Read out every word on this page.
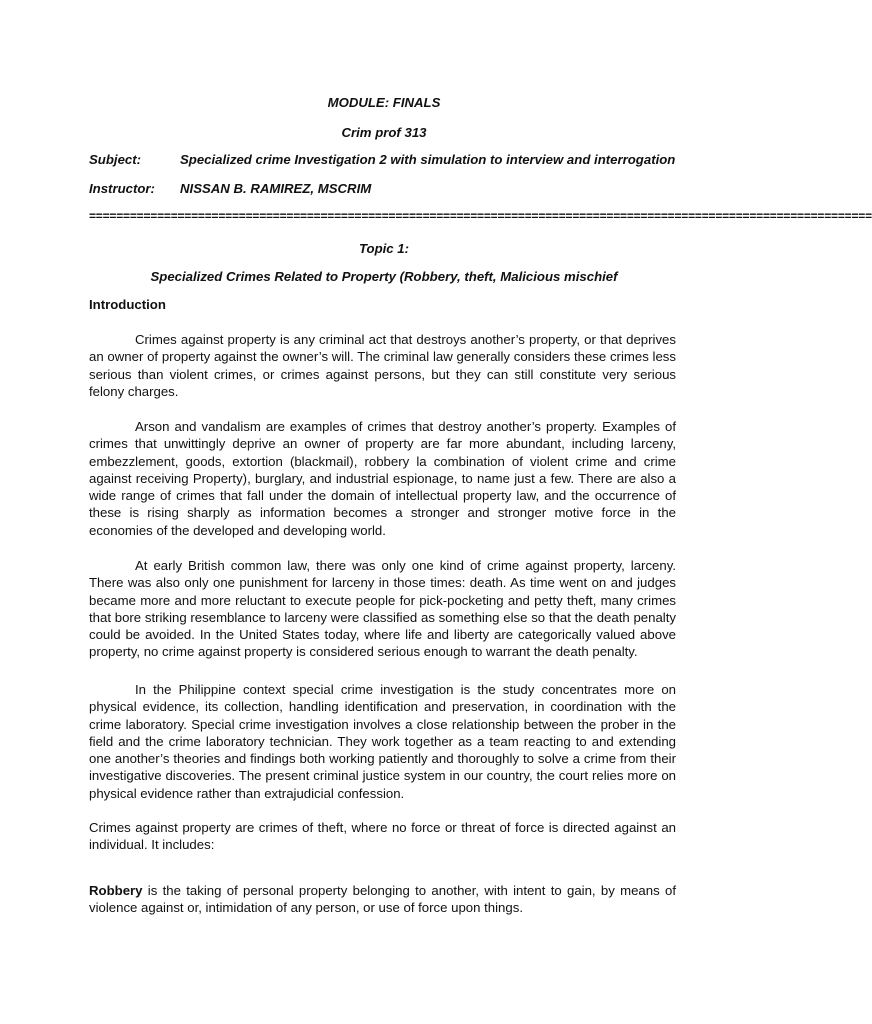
MODULE: FINALS
Crim prof 313
Subject:	Specialized crime Investigation 2 with simulation to interview and interrogation
Instructor: NISSAN B. RAMIREZ, MSCRIM
===================================================================================================================
Topic 1:
Specialized Crimes Related to Property (Robbery, theft, Malicious mischief
Introduction
Crimes against property is any criminal act that destroys another’s property, or that deprives an owner of property against the owner’s will. The criminal law generally considers these crimes less serious than violent crimes, or crimes against persons, but they can still constitute very serious felony charges.
Arson and vandalism are examples of crimes that destroy another’s property. Examples of crimes that unwittingly deprive an owner of property are far more abundant, including larceny, embezzlement, goods, extortion (blackmail), robbery la combination of violent crime and crime against receiving Property), burglary, and industrial espionage, to name just a few. There are also a wide range of crimes that fall under the domain of intellectual property law, and the occurrence of these is rising sharply as information becomes a stronger and stronger motive force in the economies of the developed and developing world.
At early British common law, there was only one kind of crime against property, larceny. There was also only one punishment for larceny in those times: death. As time went on and judges became more and more reluctant to execute people for pick-pocketing and petty theft, many crimes that bore striking resemblance to larceny were classified as something else so that the death penalty could be avoided. In the United States today, where life and liberty are categorically valued above property, no crime against property is considered serious enough to warrant the death penalty.
In the Philippine context special crime investigation is the study concentrates more on physical evidence, its collection, handling identification and preservation, in coordination with the crime laboratory. Special crime investigation involves a close relationship between the prober in the field and the crime laboratory technician. They work together as a team reacting to and extending one another’s theories and findings both working patiently and thoroughly to solve a crime from their investigative discoveries. The present criminal justice system in our country, the court relies more on physical evidence rather than extrajudicial confession.
Crimes against property are crimes of theft, where no force or threat of force is directed against an individual. It includes:
Robbery is the taking of personal property belonging to another, with intent to gain, by means of violence against or, intimidation of any person, or use of force upon things.
